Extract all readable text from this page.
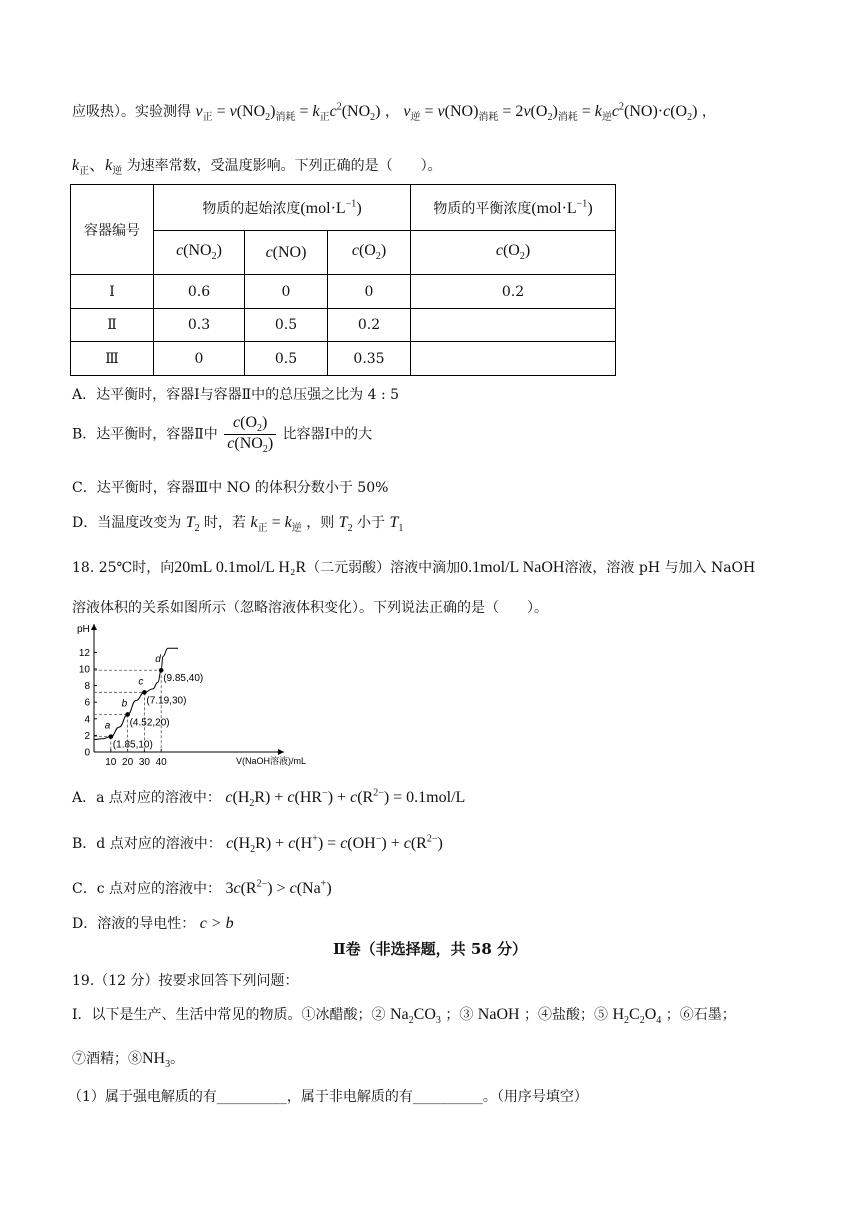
应吸热）。实验测得 $v_正 = v(NO_2)_{消耗} = k_正c^2(NO_2)$ ， $v_逆 = v(NO)_{消耗} = 2v(O_2)_{消耗} = k_逆c^2(NO)\cdot c(O_2)$ ，
$k_正$、$k_逆$ 为速率常数，受温度影响。下列正确的是（　　）。
容器编号	物质的起始浓度$(mol\cdot L^{-1})$			物质的平衡浓度$(mol\cdot L^{-1})$
	$c(NO_2)$	c(NO)	$c(O_2)$	$c(O_2)$
Ⅰ	0.6	0	0	0.2
Ⅱ	0.3	0.5	0.2	
Ⅲ	0	0.5	0.35	
A．达平衡时，容器Ⅰ与容器Ⅱ中的总压强之比为 4 : 5
B．达平衡时，容器Ⅱ中 $\frac{c(O_2)}{c(NO_2)}$ 比容器Ⅰ中的大
C．达平衡时，容器Ⅲ中 NO 的体积分数小于 50%
D．当温度改变为 $T_2$ 时，若 $k_正 = k_逆$ ，则 $T_2$ 小于 $T_1$
18. 25℃时，向20mL 0.1mol/L H₂R（二元弱酸）溶液中滴加0.1mol/L NaOH溶液，溶液 pH 与加入 NaOH
溶液体积的关系如图所示（忽略溶液体积变化）。下列说法正确的是（　　）。
pH
V(NaOH溶液)/mL
0
2
4
6
8
10
12
10 20 30 40
a
(1.85,10)
b
(4.52,20)
c
(7.19,30)
d
(9.85,40)
A．a 点对应的溶液中： $c(H_2R) + c(HR^-) + c(R^{2-}) = 0.1mol/L$
B．d 点对应的溶液中： $c(H_2R) + c(H^+) = c(OH^-) + c(R^{2-})$
C．c 点对应的溶液中： $3c(R^{2-}) > c(Na^+)$
D．溶液的导电性： c > b
Ⅱ卷（非选择题，共 58 分）
19.（12 分）按要求回答下列问题：
Ⅰ．以下是生产、生活中常见的物质。①冰醋酸；② $Na_2CO_3$ ；③ NaOH ；④盐酸；⑤ $H_2C_2O_4$ ；⑥石墨；
⑦酒精；$⑧NH_3$。
（1）属于强电解质的有__________，属于非电解质的有__________。（用序号填空）
